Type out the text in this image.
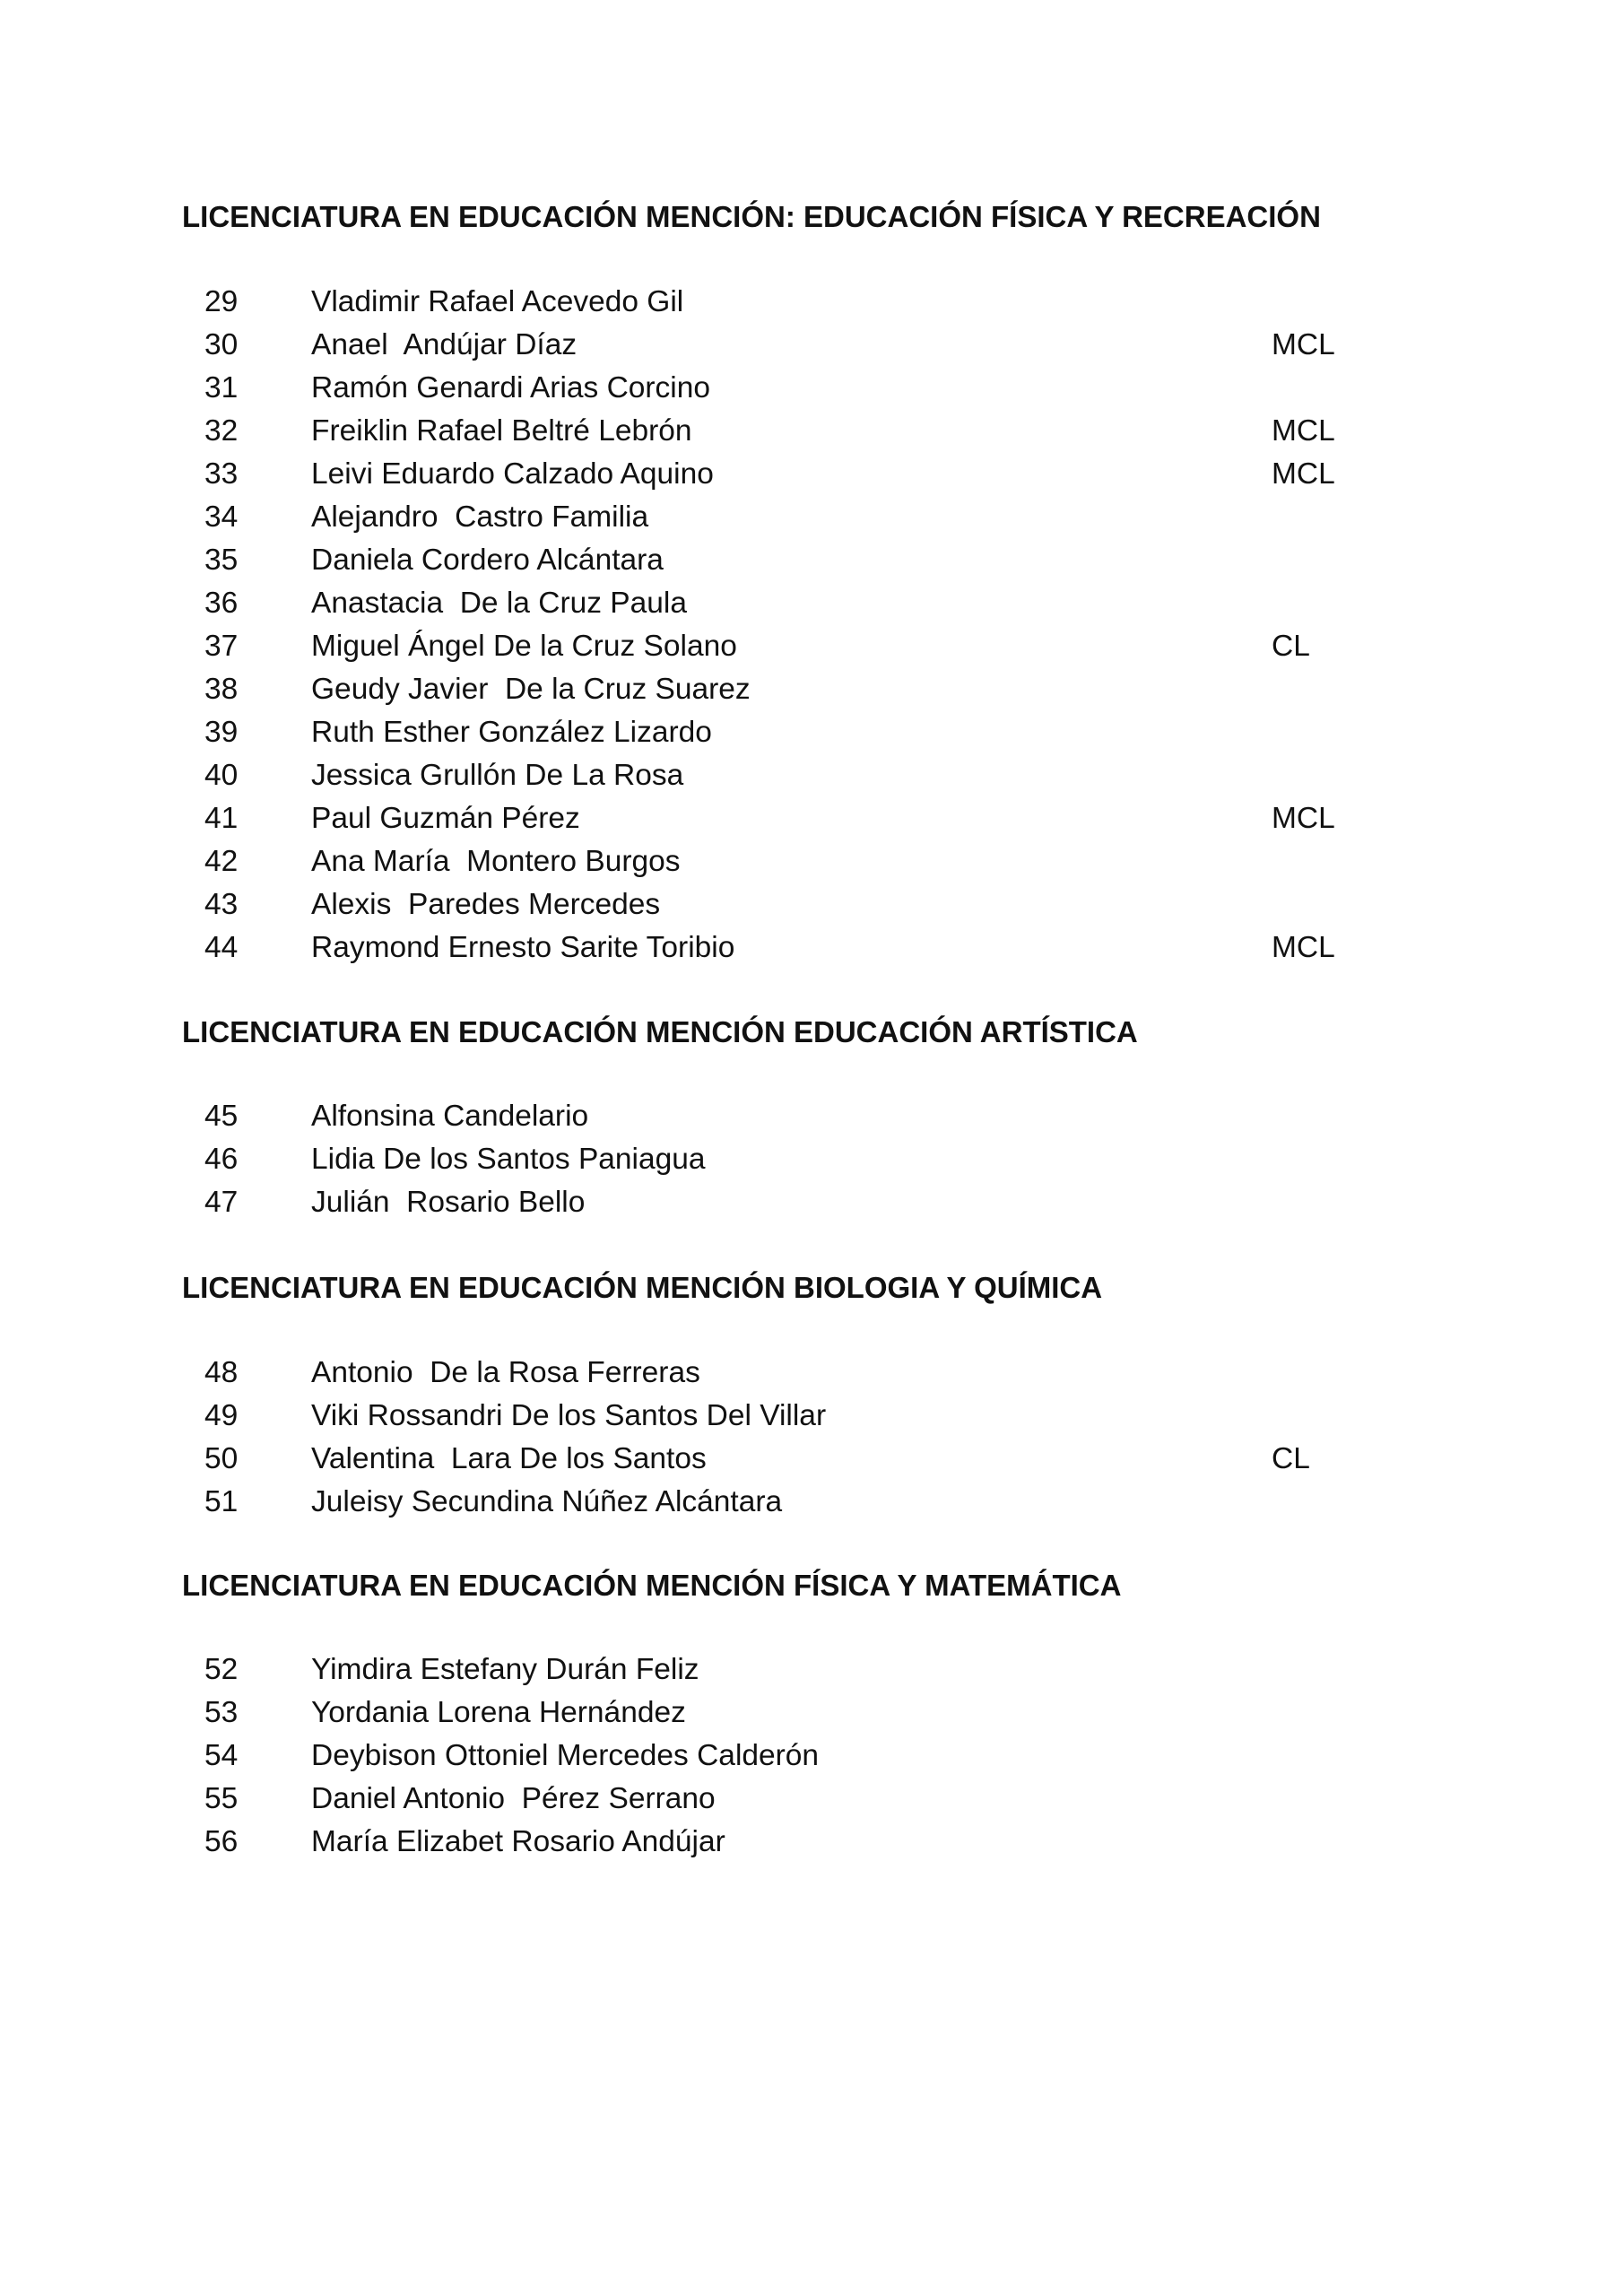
LICENCIATURA EN EDUCACIÓN MENCIÓN: EDUCACIÓN FÍSICA Y RECREACIÓN
29	Vladimir Rafael Acevedo Gil
30	Anael  Andújar Díaz	MCL
31	Ramón Genardi Arias Corcino
32	Freiklin Rafael Beltré Lebrón	MCL
33	Leivi Eduardo Calzado Aquino	MCL
34	Alejandro  Castro Familia
35	Daniela Cordero Alcántara
36	Anastacia  De la Cruz Paula
37	Miguel Ángel De la Cruz Solano	CL
38	Geudy Javier  De la Cruz Suarez
39	Ruth Esther González Lizardo
40	Jessica Grullón De La Rosa
41	Paul Guzmán Pérez	MCL
42	Ana María  Montero Burgos
43	Alexis  Paredes Mercedes
44	Raymond Ernesto Sarite Toribio	MCL
LICENCIATURA EN EDUCACIÓN MENCIÓN EDUCACIÓN ARTÍSTICA
45	Alfonsina Candelario
46	Lidia De los Santos Paniagua
47	Julián  Rosario Bello
LICENCIATURA EN EDUCACIÓN MENCIÓN BIOLOGIA Y QUÍMICA
48	Antonio  De la Rosa Ferreras
49	Viki Rossandri De los Santos Del Villar
50	Valentina  Lara De los Santos	CL
51	Juleisy Secundina Núñez Alcántara
LICENCIATURA EN EDUCACIÓN MENCIÓN FÍSICA Y MATEMÁTICA
52	Yimdira Estefany Durán Feliz
53	Yordania Lorena Hernández
54	Deybison Ottoniel Mercedes Calderón
55	Daniel Antonio  Pérez Serrano
56	María Elizabet Rosario Andújar
